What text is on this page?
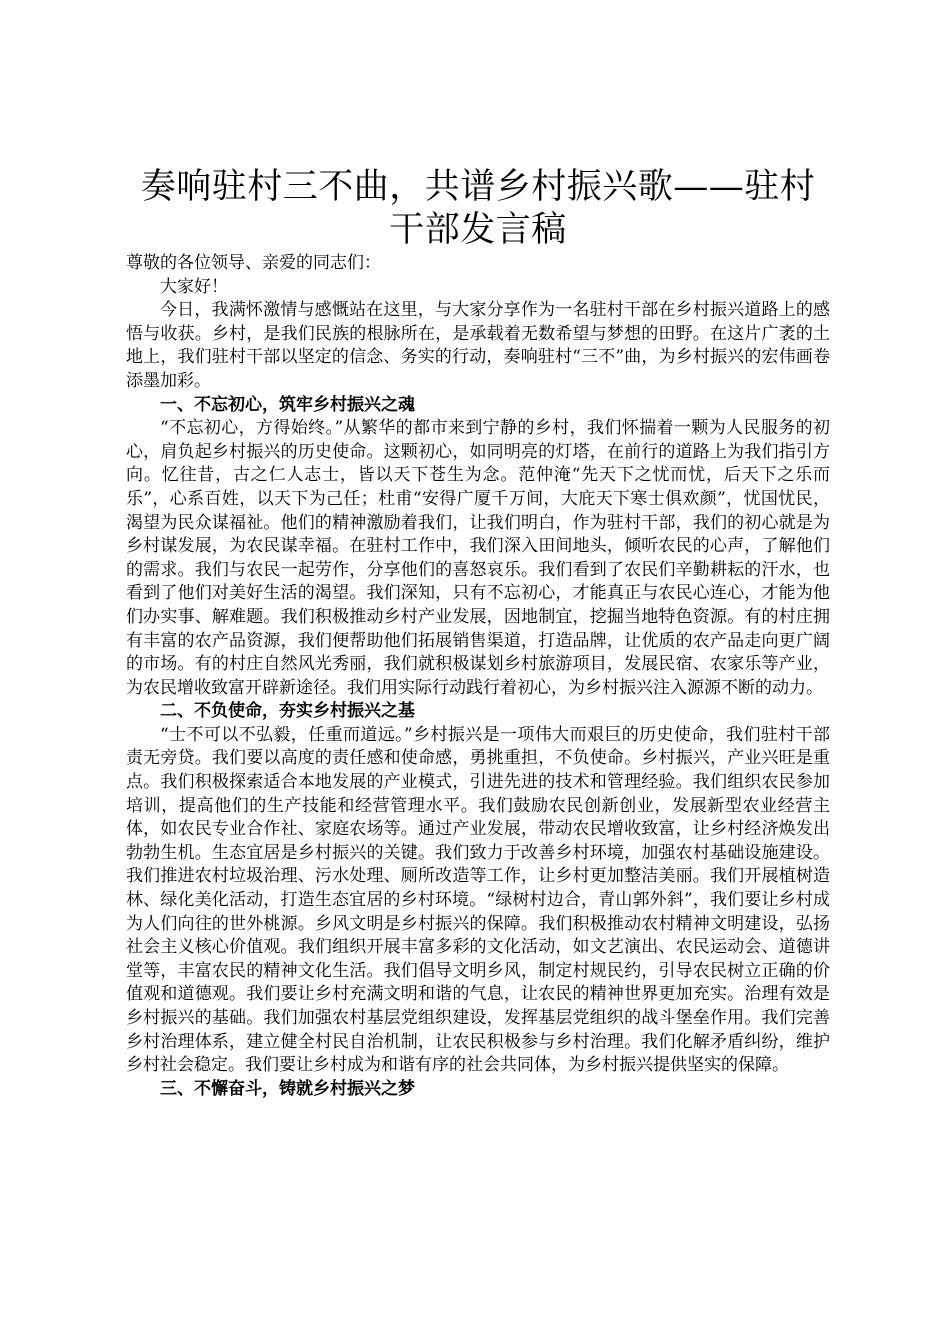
奏响驻村三不曲，共谱乡村振兴歌——驻村干部发言稿

尊敬的各位领导、亲爱的同志们：

大家好！

今日，我满怀激情与感慨站在这里，与大家分享作为一名驻村干部在乡村振兴道路上的感悟与收获。乡村，是我们民族的根脉所在，是承载着无数希望与梦想的田野。在这片广袤的土地上，我们驻村干部以坚定的信念、务实的行动，奏响驻村“三不”曲，为乡村振兴的宏伟画卷添墨加彩。

一、不忘初心，筑牢乡村振兴之魂

“不忘初心，方得始终。”从繁华的都市来到宁静的乡村，我们怀揣着一颗为人民服务的初心，肩负起乡村振兴的历史使命。这颗初心，如同明亮的灯塔，在前行的道路上为我们指引方向。忆往昔，古之仁人志士，皆以天下苍生为念。范仲淹“先天下之忧而忧，后天下之乐而乐”，心系百姓，以天下为己任；杜甫“安得广厦千万间，大庇天下寒士俱欢颜”，忧国忧民，渴望为民众谋福祉。他们的精神激励着我们，让我们明白，作为驻村干部，我们的初心就是为乡村谋发展，为农民谋幸福。在驻村工作中，我们深入田间地头，倾听农民的心声，了解他们的需求。我们与农民一起劳作，分享他们的喜怒哀乐。我们看到了农民们辛勤耕耘的汗水，也看到了他们对美好生活的渴望。我们深知，只有不忘初心，才能真正与农民心连心，才能为他们办实事、解难题。我们积极推动乡村产业发展，因地制宜，挖掘当地特色资源。有的村庄拥有丰富的农产品资源，我们便帮助他们拓展销售渠道，打造品牌，让优质的农产品走向更广阔的市场。有的村庄自然风光秀丽，我们就积极谋划乡村旅游项目，发展民宿、农家乐等产业，为农民增收致富开辟新途径。我们用实际行动践行着初心，为乡村振兴注入源源不断的动力。

二、不负使命，夯实乡村振兴之基

“士不可以不弘毅，任重而道远。”乡村振兴是一项伟大而艰巨的历史使命，我们驻村干部责无旁贷。我们要以高度的责任感和使命感，勇挑重担，不负使命。乡村振兴，产业兴旺是重点。我们积极探索适合本地发展的产业模式，引进先进的技术和管理经验。我们组织农民参加培训，提高他们的生产技能和经营管理水平。我们鼓励农民创新创业，发展新型农业经营主体，如农民专业合作社、家庭农场等。通过产业发展，带动农民增收致富，让乡村经济焕发出勃勃生机。生态宜居是乡村振兴的关键。我们致力于改善乡村环境，加强农村基础设施建设。我们推进农村垃圾治理、污水处理、厕所改造等工作，让乡村更加整洁美丽。我们开展植树造林、绿化美化活动，打造生态宜居的乡村环境。“绿树村边合，青山郭外斜”，我们要让乡村成为人们向往的世外桃源。乡风文明是乡村振兴的保障。我们积极推动农村精神文明建设，弘扬社会主义核心价值观。我们组织开展丰富多彩的文化活动，如文艺演出、农民运动会、道德讲堂等，丰富农民的精神文化生活。我们倡导文明乡风，制定村规民约，引导农民树立正确的价值观和道德观。我们要让乡村充满文明和谐的气息，让农民的精神世界更加充实。治理有效是乡村振兴的基础。我们加强农村基层党组织建设，发挥基层党组织的战斗堡垒作用。我们完善乡村治理体系，建立健全村民自治机制，让农民积极参与乡村治理。我们化解矛盾纠纷，维护乡村社会稳定。我们要让乡村成为和谐有序的社会共同体，为乡村振兴提供坚实的保障。

三、不懈奋斗，铸就乡村振兴之梦
